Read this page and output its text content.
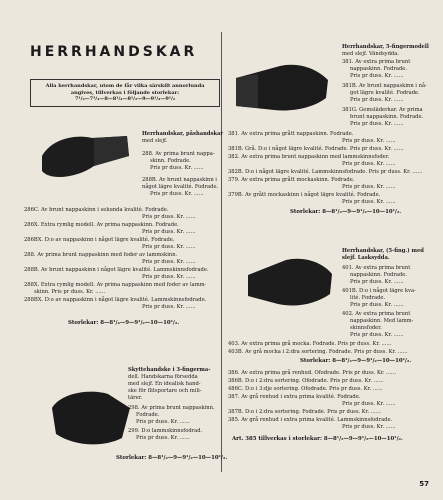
HERRHANDSKAR
Alla herrhandskar, utom de får vilka särskilt annorlunda
angives, tillverkas i följande storlekar:
7¹/₂—7³/₄—8—8¹/₄—8¹/₂—9—9¹/₄—9¹/₂
Herrhandskar, påshandskar
med slejf.
288. Av prima brunt nappa-
skinn. Fodrade.
Pris pr duss. Kr. ......
288B. Av brunt nappaskinn i
något lägre kvalité. Fodrade.
Pris pr duss. Kr. ......
286C. Av brunt nappaskinn i sekunda kvalité. Fodrade.
Pris pr duss. Kr. ......
286X. Extra rymlig modell. Av prima nappaskinn. Fodrade.
Pris pr duss. Kr. ......
286BX. D:o av nappaskinn i något lägre kvalité. Fodrade.
Pris pr duss. Kr. ......
288. Av prima brunt nappaskinn med foder av lammskinn.
Pris pr duss. Kr. ......
288B. Av brunt nappaskinn i något lägre kvalité. Lammskinnsfodrade.
Pris pr duss. Kr. ......
288X. Extra rymlig modell. Av prima nappaskinn med foder av lamm-
skinn. Pris pr duss. Kr. ......
288BX. D:o av nappaskinn i något lägre kvalité. Lammskinnsfodrade.
Pris pr duss. Kr. ......
Storlekar: 8—8¹/₄—9—9¹/₂—10—10¹/₂.
Skyttehandske i 3-fingerma-
dell. Handskarna försedda
med slejf. En idealisk hand-
ske för flitsportare och mili-
tärer.
298. Av prima brunt nappaskinn.
Fodrade.
Pris pr duss. Kr. ......
299. D:o lammskinnsfodrad.
Pris pr duss. Kr. ......
Storlekar: 8—8¹/₂—9—9¹/₂—10—10¹/₂.
Herrhandskar, 5-fingermodell
med slejf. Vändsydda.
381. Av extra prima brunt
nappaskinn. Fodrade.
Pris pr duss. Kr. ......
381B. Av brunt nappaskinn i nå-
got lägre kvalité. Fodrade.
Pris pr duss. Kr. ......
381G. Gemsläderkar. Av prima
brunt nappaskinn. Fodrade.
Pris pr duss. Kr. ......
381. Av extra prima grått nappaskinn. Fodrade.
Pris pr duss. Kr. ......
381B. Grå. D:o i något lägre kvalité. Fodrade. Pris pr duss. Kr. ......
382. Av extra prima brunt nappaskinn med lammskinnsfoder.
Pris pr duss. Kr. ......
382B. D:o i något lägre kvalité. Lammskinnsfodrade. Pris pr duss. Kr. ......
379. Av extra prima grått mockaskinn. Fodrade.
Pris pr duss. Kr. ......
379B. Av grått mockaskinn i något lägre kvalité. Fodrade.
Pris pr duss. Kr. ......
Storlekar: 8—8¹/₂—9—9¹/₂—10—10¹/₂.
Herrhandskar, (5-fing.) med
slejf. Lasksydda.
401. Av extra prima brunt
nappaskinn. Fodrade.
Pris pr duss. Kr. ......
401B. D:o i något lägre kva-
lité. Fodrade.
Pris pr duss. Kr. ......
402. Av extra prima brunt
nappaskinn. Med lamm-
skinnsfoder.
Pris pr duss. Kr. ......
403. Av extra prima grå mocka. Fodrade. Pris pr duss. Kr. ......
403B. Av grå mocka i 2:dra sortering. Fodrade. Pris pr duss. Kr. ......
Storlekar: 8—8¹/₂—9—9¹/₂—10—10¹/₂.
386. Av extra prima grå renhud. Ofodrade. Pris pr duss. Kr. ......
386B. D:o i 2:dra sortering. Ofodrade. Pris pr duss. Kr. ......
486C. D:o i 3:dje sortering. Ofodrade. Pris pr duss. Kr. ......
387. Av grå renhud i extra prima kvalité. Fodrade.
Pris pr duss. Kr. ......
387B. D:o i 2:dra sortering. Fodrade. Pris pr duss. Kr. ......
385. Av grå renhud i extra prima kvalité. Lammskinnsfodrade.
Pris pr duss. Kr. ......
Art. 385 tillverkas i storlekar: 8—8¹/₂—9—9¹/₂—10—10¹/₂.
57
